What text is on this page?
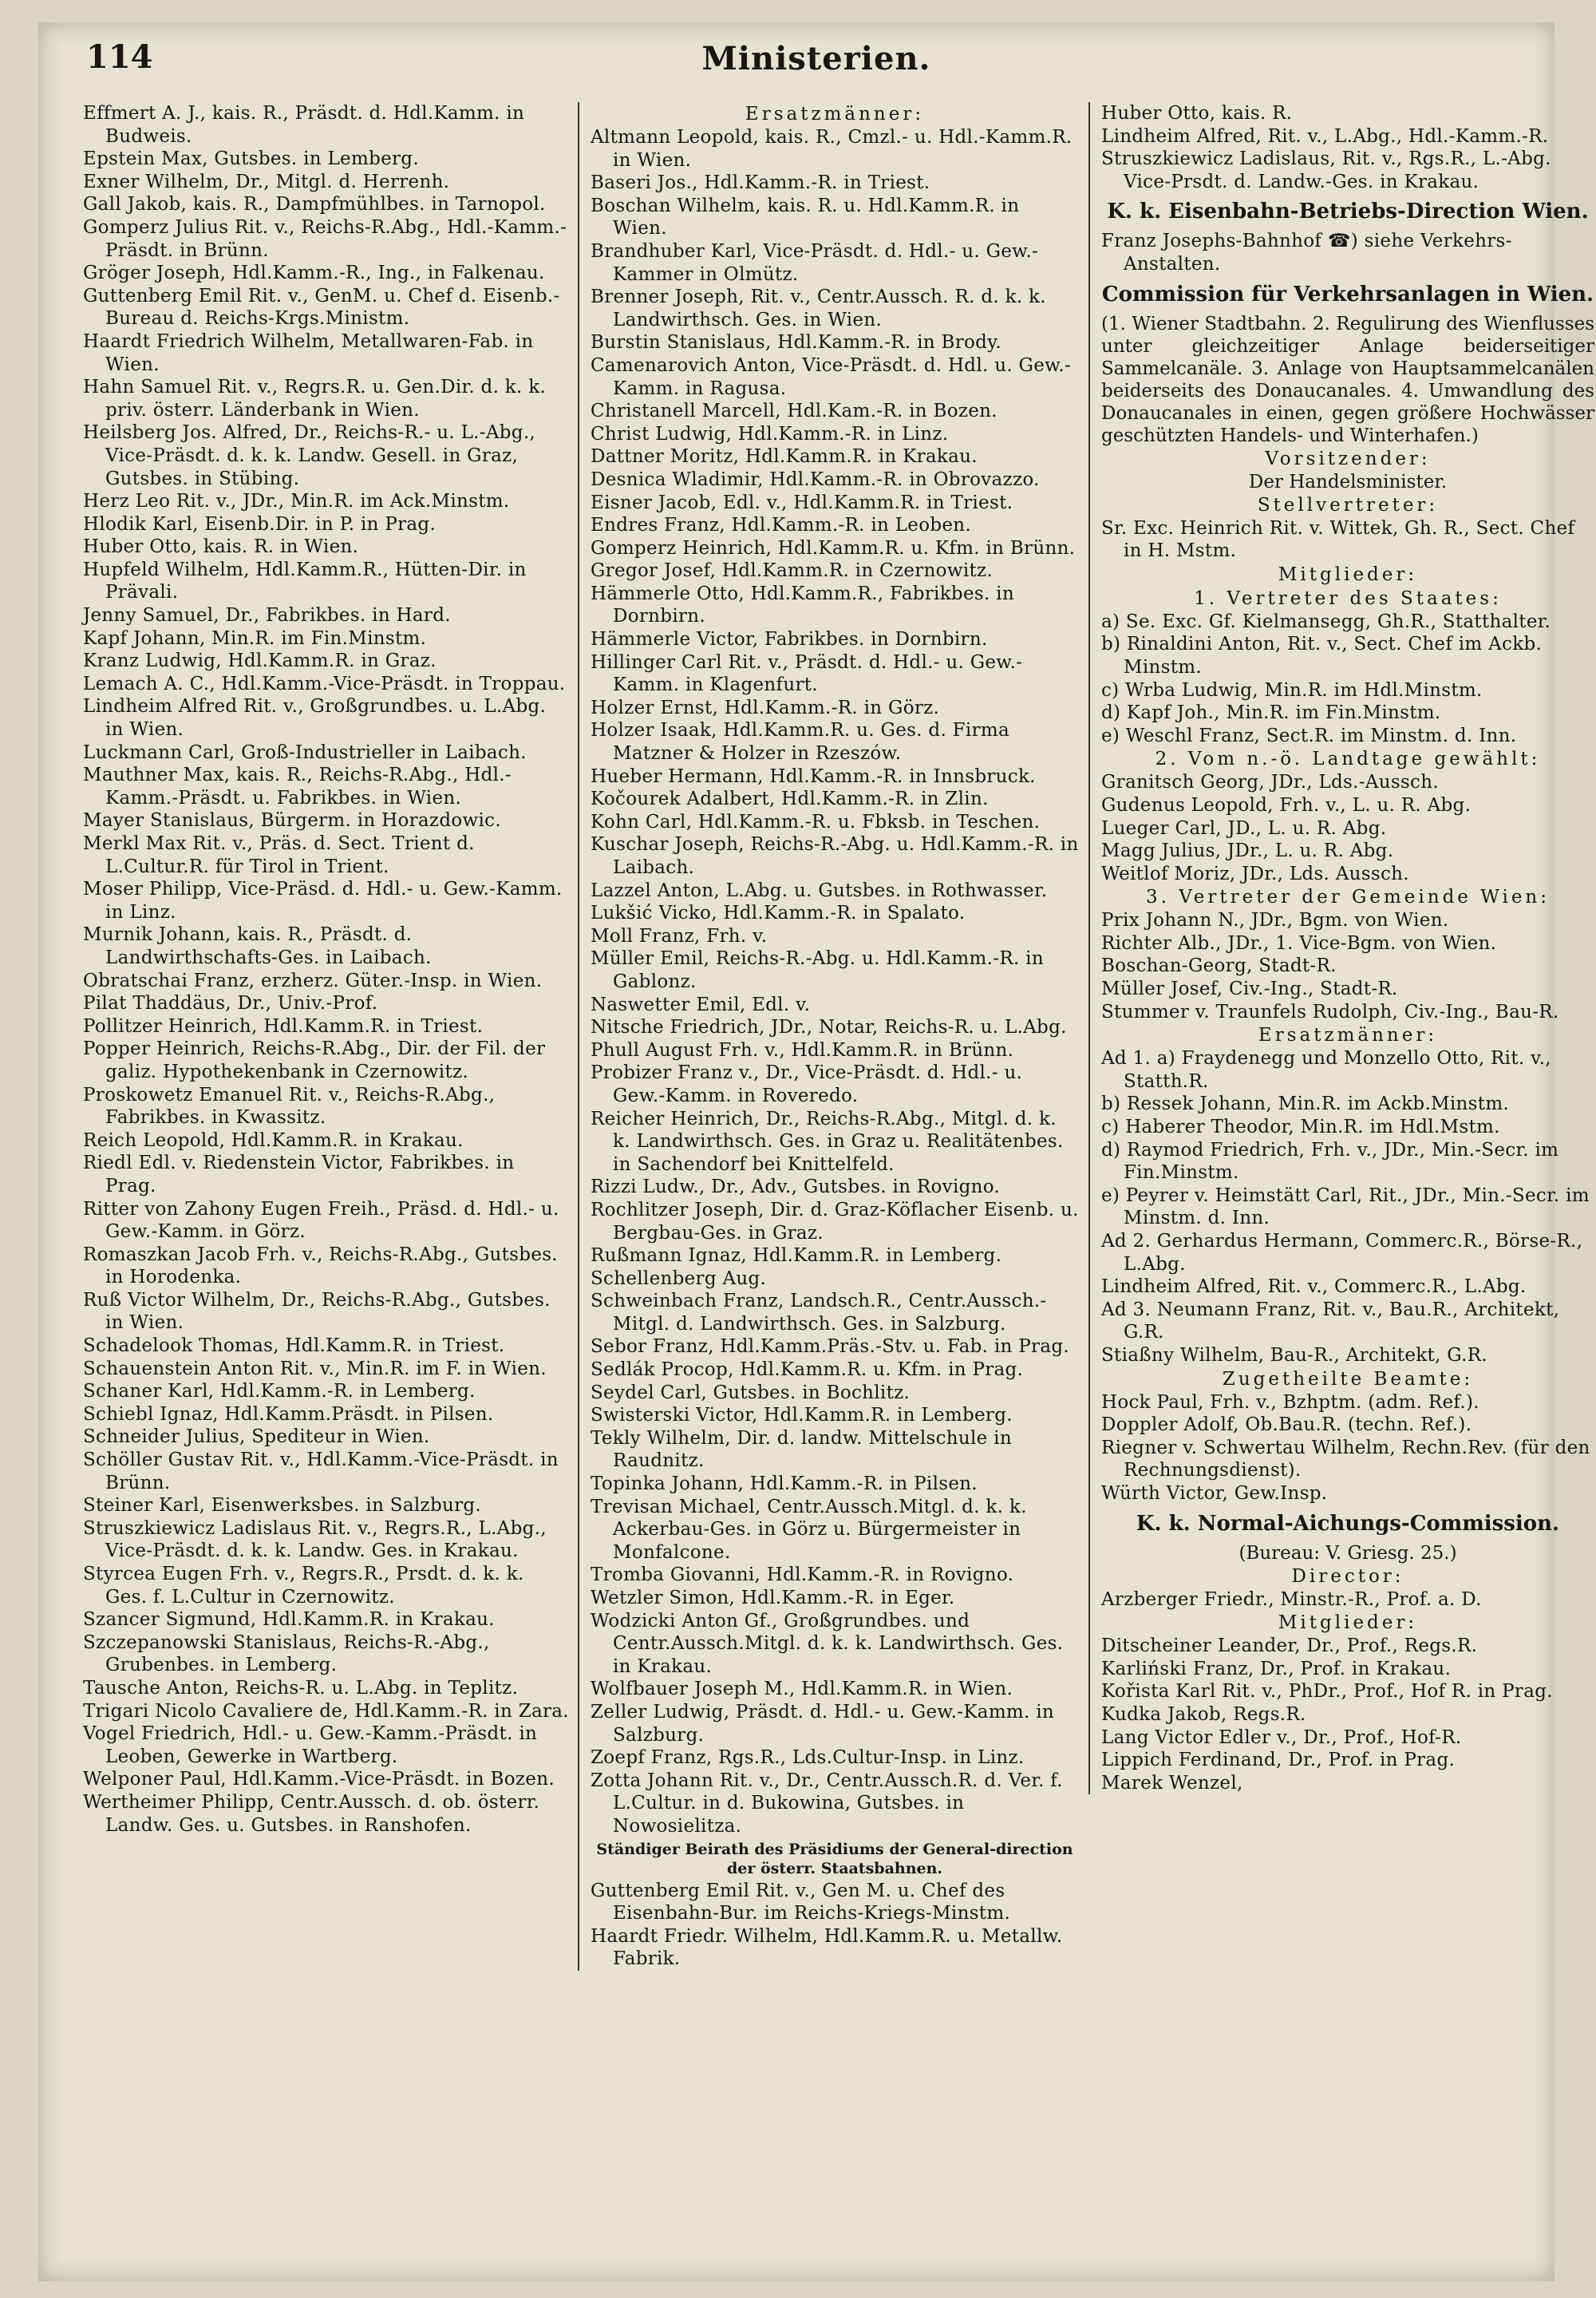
114	Ministerien.
Effmert A. J., kais. R., Präsdt. d. Hdl.Kamm. in Budweis.
Epstein Max, Gutsbes. in Lemberg.
Exner Wilhelm, Dr., Mitgl. d. Herrenh.
Gall Jakob, kais. R., Dampfmühlbes. in Tarnopol.
Gomperz Julius Rit. v., Reichs-R.Abg., Hdl.-Kamm.-Präsdt. in Brünn.
Gröger Joseph, Hdl.Kamm.-R., Ing., in Falkenau.
Guttenberg Emil Rit. v., GenM. u. Chef d. Eisenb.-Bureau d. Reichs-Krgs.Ministm.
Haardt Friedrich Wilhelm, Metallwaren-Fab. in Wien.
Hahn Samuel Rit. v., Regrs.R. u. Gen.Dir. d. k. k. priv. österr. Länderbank in Wien.
Heilsberg Jos. Alfred, Dr., Reichs-R.- u. L.-Abg., Vice-Präsdt. d. k. k. Landw. Gesell. in Graz, Gutsbes. in Stübing.
Herz Leo Rit. v., JDr., Min.R. im Ack.Minstm.
Hlodik Karl, Eisenb.Dir. in P. in Prag.
Huber Otto, kais. R. in Wien.
Hupfeld Wilhelm, Hdl.Kamm.R., Hütten-Dir. in Prävali.
Jenny Samuel, Dr., Fabrikbes. in Hard.
Kapf Johann, Min.R. im Fin.Minstm.
Kranz Ludwig, Hdl.Kamm.R. in Graz.
Lemach A. C., Hdl.Kamm.-Vice-Präsdt. in Troppau.
Lindheim Alfred Rit. v., Großgrundbes. u. L.Abg. in Wien.
Luckmann Carl, Groß-Industrieller in Laibach.
Mauthner Max, kais. R., Reichs-R.Abg., Hdl.-Kamm.-Präsdt. u. Fabrikbes. in Wien.
Mayer Stanislaus, Bürgerm. in Horazdowic.
Merkl Max Rit. v., Präs. d. Sect. Trient d. L.Cultur.R. für Tirol in Trient.
Moser Philipp, Vice-Präsd. d. Hdl.- u. Gew.-Kamm. in Linz.
Murnik Johann, kais. R., Präsdt. d. Landwirthschafts-Ges. in Laibach.
Obratschai Franz, erzherz. Güter.-Insp. in Wien.
Pilat Thaddäus, Dr., Univ.-Prof.
Pollitzer Heinrich, Hdl.Kamm.R. in Triest.
Popper Heinrich, Reichs-R.Abg., Dir. der Fil. der galiz. Hypothekenbank in Czernowitz.
Proskowetz Emanuel Rit. v., Reichs-R.Abg., Fabrikbes. in Kwassitz.
Reich Leopold, Hdl.Kamm.R. in Krakau.
Riedl Edl. v. Riedenstein Victor, Fabrikbes. in Prag.
Ritter von Zahony Eugen Freih., Präsd. d. Hdl.- u. Gew.-Kamm. in Görz.
Romaszkan Jacob Frh. v., Reichs-R.Abg., Gutsbes. in Horodenka.
Ruß Victor Wilhelm, Dr., Reichs-R.Abg., Gutsbes. in Wien.
Schadelook Thomas, Hdl.Kamm.R. in Triest.
Schauenstein Anton Rit. v., Min.R. im F. in Wien.
Schaner Karl, Hdl.Kamm.-R. in Lemberg.
Schiebl Ignaz, Hdl.Kamm.Präsdt. in Pilsen.
Schneider Julius, Spediteur in Wien.
Schöller Gustav Rit. v., Hdl.Kamm.-Vice-Präsdt. in Brünn.
Steiner Karl, Eisenwerksbes. in Salzburg.
Struszkiewicz Ladislaus Rit. v., Regrs.R., L.Abg., Vice-Präsdt. d. k. k. Landw. Ges. in Krakau.
Styrcea Eugen Frh. v., Regrs.R., Prsdt. d. k. k. Ges. f. L.Cultur in Czernowitz.
Szancer Sigmund, Hdl.Kamm.R. in Krakau.
Szczepanowski Stanislaus, Reichs-R.-Abg., Grubenbes. in Lemberg.
Tausche Anton, Reichs-R. u. L.Abg. in Teplitz.
Trigari Nicolo Cavaliere de, Hdl.Kamm.-R. in Zara.
Vogel Friedrich, Hdl.- u. Gew.-Kamm.-Präsdt. in Leoben, Gewerke in Wartberg.
Welponer Paul, Hdl.Kamm.-Vice-Präsdt. in Bozen.
Wertheimer Philipp, Centr.Aussch. d. ob. österr. Landw. Ges. u. Gutsbes. in Ranshofen.
Ersatzmänner:
Altmann Leopold, kais. R., Cmzl.- u. Hdl.-Kamm.R. in Wien.
Baseri Jos., Hdl.Kamm.-R. in Triest.
Boschan Wilhelm, kais. R. u. Hdl.Kamm.R. in Wien.
Brandhuber Karl, Vice-Präsdt. d. Hdl.- u. Gew.-Kammer in Olmütz.
Brenner Joseph, Rit. v., Centr.Aussch. R. d. k. k. Landwirthsch. Ges. in Wien.
Burstin Stanislaus, Hdl.Kamm.-R. in Brody.
Camenarovich Anton, Vice-Präsdt. d. Hdl. u. Gew.-Kamm. in Ragusa.
Christanell Marcell, Hdl.Kam.-R. in Bozen.
Christ Ludwig, Hdl.Kamm.-R. in Linz.
Dattner Moritz, Hdl.Kamm.R. in Krakau.
Desnica Wladimir, Hdl.Kamm.-R. in Obrovazzo.
Eisner Jacob, Edl. v., Hdl.Kamm.R. in Triest.
Endres Franz, Hdl.Kamm.-R. in Leoben.
Gomperz Heinrich, Hdl.Kamm.R. u. Kfm. in Brünn.
Gregor Josef, Hdl.Kamm.R. in Czernowitz.
Hämmerle Otto, Hdl.Kamm.R., Fabrikbes. in Dornbirn.
Hämmerle Victor, Fabrikbes. in Dornbirn.
Hillinger Carl Rit. v., Präsdt. d. Hdl.- u. Gew.-Kamm. in Klagenfurt.
Holzer Ernst, Hdl.Kamm.-R. in Görz.
Holzer Isaak, Hdl.Kamm.R. u. Ges. d. Firma Matzner & Holzer in Rzeszów.
Hueber Hermann, Hdl.Kamm.-R. in Innsbruck.
Kočourek Adalbert, Hdl.Kamm.-R. in Zlin.
Kohn Carl, Hdl.Kamm.-R. u. Fbksb. in Teschen.
Kuschar Joseph, Reichs-R.-Abg. u. Hdl.Kamm.-R. in Laibach.
Lazzel Anton, L.Abg. u. Gutsbes. in Rothwasser.
Lukšić Vicko, Hdl.Kamm.-R. in Spalato.
Moll Franz, Frh. v.
Müller Emil, Reichs-R.-Abg. u. Hdl.Kamm.-R. in Gablonz.
Naswetter Emil, Edl. v.
Nitsche Friedrich, JDr., Notar, Reichs-R. u. L.Abg.
Phull August Frh. v., Hdl.Kamm.R. in Brünn.
Probizer Franz v., Dr., Vice-Präsdt. d. Hdl.- u. Gew.-Kamm. in Roveredo.
Reicher Heinrich, Dr., Reichs-R.Abg., Mitgl. d. k. k. Landwirthsch. Ges. in Graz u. Realitätenbes. in Sachendorf bei Knittelfeld.
Rizzi Ludw., Dr., Adv., Gutsbes. in Rovigno.
Rochlitzer Joseph, Dir. d. Graz-Köflacher Eisenb. u. Bergbau-Ges. in Graz.
Rußmann Ignaz, Hdl.Kamm.R. in Lemberg.
Schellenberg Aug.
Schweinbach Franz, Landsch.R., Centr.Aussch.-Mitgl. d. Landwirthsch. Ges. in Salzburg.
Sebor Franz, Hdl.Kamm.Präs.-Stv. u. Fab. in Prag.
Sedlák Procop, Hdl.Kamm.R. u. Kfm. in Prag.
Seydel Carl, Gutsbes. in Bochlitz.
Swisterski Victor, Hdl.Kamm.R. in Lemberg.
Tekly Wilhelm, Dir. d. landw. Mittelschule in Raudnitz.
Topinka Johann, Hdl.Kamm.-R. in Pilsen.
Trevisan Michael, Centr.Aussch.Mitgl. d. k. k. Ackerbau-Ges. in Görz u. Bürgermeister in Monfalcone.
Tromba Giovanni, Hdl.Kamm.-R. in Rovigno.
Wetzler Simon, Hdl.Kamm.-R. in Eger.
Wodzicki Anton Gf., Großgrundbes. und Centr.Aussch.Mitgl. d. k. k. Landwirthsch. Ges. in Krakau.
Wolfbauer Joseph M., Hdl.Kamm.R. in Wien.
Zeller Ludwig, Präsdt. d. Hdl.- u. Gew.-Kamm. in Salzburg.
Zoepf Franz, Rgs.R., Lds.Cultur-Insp. in Linz.
Zotta Johann Rit. v., Dr., Centr.Aussch.R. d. Ver. f. L.Cultur. in d. Bukowina, Gutsbes. in Nowosielitza.
Ständiger Beirath des Präsidiums der General-direction der österr. Staatsbahnen.
Guttenberg Emil Rit. v., Gen M. u. Chef des Eisenbahn-Bur. im Reichs-Kriegs-Minstm.
Haardt Friedr. Wilhelm, Hdl.Kamm.R. u. Metallw. Fabrik.
Huber Otto, kais. R.
Lindheim Alfred, Rit. v., L.Abg., Hdl.-Kamm.-R.
Struszkiewicz Ladislaus, Rit. v., Rgs.R., L.-Abg. Vice-Prsdt. d. Landw.-Ges. in Krakau.
K. k. Eisenbahn-Betriebs-Direction Wien.
Franz Josephs-Bahnhof ☎) siehe Verkehrs-Anstalten.
Commission für Verkehrsanlagen in Wien.
(1. Wiener Stadtbahn. 2. Regulirung des Wienflusses unter gleichzeitiger Anlage beiderseitiger Sammelcanäle. 3. Anlage von Hauptsammelcanälen beiderseits des Donaucanales. 4. Umwandlung des Donaucanales in einen, gegen größere Hochwässer geschützten Handels- und Winterhafen.)
Vorsitzender:
Der Handelsminister.
Stellvertreter:
Sr. Exc. Heinrich Rit. v. Wittek, Gh. R., Sect. Chef in H. Mstm.
Mitglieder:
1. Vertreter des Staates:
a) Se. Exc. Gf. Kielmansegg, Gh.R., Statthalter.
b) Rinaldini Anton, Rit. v., Sect. Chef im Ackb. Minstm.
c) Wrba Ludwig, Min.R. im Hdl.Minstm.
d) Kapf Joh., Min.R. im Fin.Minstm.
e) Weschl Franz, Sect.R. im Minstm. d. Inn.
2. Vom n.-ö. Landtage gewählt:
Granitsch Georg, JDr., Lds.-Aussch.
Gudenus Leopold, Frh. v., L. u. R. Abg.
Lueger Carl, JD., L. u. R. Abg.
Magg Julius, JDr., L. u. R. Abg.
Weitlof Moriz, JDr., Lds. Aussch.
3. Vertreter der Gemeinde Wien:
Prix Johann N., JDr., Bgm. von Wien.
Richter Alb., JDr., 1. Vice-Bgm. von Wien.
Boschan-Georg, Stadt-R.
Müller Josef, Civ.-Ing., Stadt-R.
Stummer v. Traunfels Rudolph, Civ.-Ing., Bau-R.
Ersatzmänner:
Ad 1. a) Fraydenegg und Monzello Otto, Rit. v., Statth.R.
b) Ressek Johann, Min.R. im Ackb.Minstm.
c) Haberer Theodor, Min.R. im Hdl.Mstm.
d) Raymod Friedrich, Frh. v., JDr., Min.-Secr. im Fin.Minstm.
e) Peyrer v. Heimstätt Carl, Rit., JDr., Min.-Secr. im Minstm. d. Inn.
Ad 2. Gerhardus Hermann, Commerc.R., Börse-R., L.Abg.
Lindheim Alfred, Rit. v., Commerc.R., L.Abg.
Ad 3. Neumann Franz, Rit. v., Bau.R., Architekt, G.R.
Stiaßny Wilhelm, Bau-R., Architekt, G.R.
Zugetheilte Beamte:
Hock Paul, Frh. v., Bzhptm. (adm. Ref.).
Doppler Adolf, Ob.Bau.R. (techn. Ref.).
Riegner v. Schwertau Wilhelm, Rechn.Rev. (für den Rechnungsdienst).
Würth Victor, Gew.Insp.
K. k. Normal-Aichungs-Commission.
(Bureau: V. Griesg. 25.)
Director:
Arzberger Friedr., Minstr.-R., Prof. a. D.
Mitglieder:
Ditscheiner Leander, Dr., Prof., Regs.R.
Karliński Franz, Dr., Prof. in Krakau.
Kořista Karl Rit. v., PhDr., Prof., Hof R. in Prag.
Kudka Jakob, Regs.R.
Lang Victor Edler v., Dr., Prof., Hof-R.
Lippich Ferdinand, Dr., Prof. in Prag.
Marek Wenzel,
